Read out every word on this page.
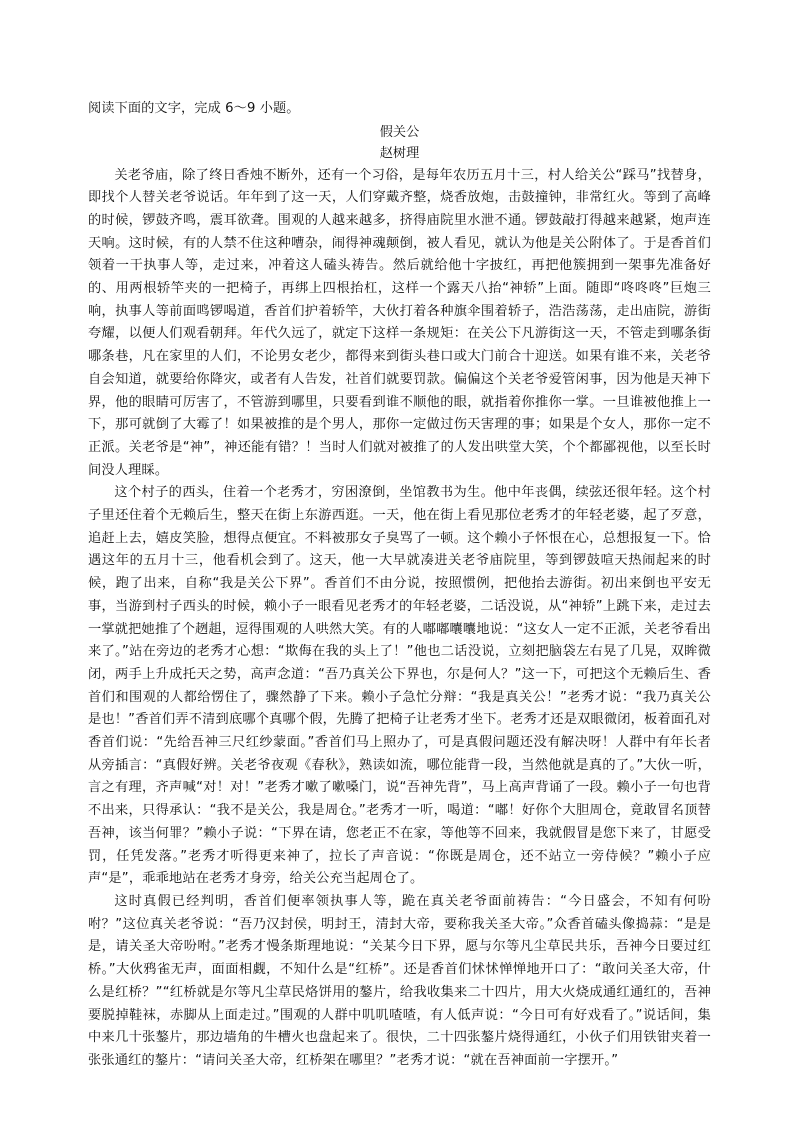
阅读下面的文字，完成 6～9 小题。

假关公

赵树理

关老爷庙，除了终日香烛不断外，还有一个习俗，是每年农历五月十三，村人给关公“踩马”找替身，即找个人替关老爷说话。年年到了这一天，人们穿戴齐整，烧香放炮，击鼓撞钟，非常红火。等到了高峰的时候，锣鼓齐鸣，震耳欲聋。围观的人越来越多，挤得庙院里水泄不通。锣鼓敲打得越来越紧，炮声连天响。这时候，有的人禁不住这种嘈杂，闹得神魂颠倒，被人看见，就认为他是关公附体了。于是香首们领着一干执事人等，走过来，冲着这人磕头祷告。然后就给他十字披红，再把他簇拥到一架事先准备好的、用两根轿竿夹的一把椅子，再绑上四根抬杠，这样一个露天八抬“神轿”上面。随即“咚咚咚”巨炮三响，执事人等前面鸣锣喝道，香首们护着轿竿，大伙打着各种旗伞围着轿子，浩浩荡荡，走出庙院，游街夸耀，以便人们观看朝拜。年代久远了，就定下这样一条规矩：在关公下凡游街这一天，不管走到哪条街哪条巷，凡在家里的人们，不论男女老少，都得来到街头巷口或大门前合十迎送。如果有谁不来，关老爷自会知道，就要给你降灾，或者有人告发，社首们就要罚款。偏偏这个关老爷爱管闲事，因为他是天神下界，他的眼睛可厉害了，不管游到哪里，只要看到谁不顺他的眼，就指着你推你一掌。一旦谁被他推上一下，那可就倒了大霉了！如果被推的是个男人，那你一定做过伤天害理的事；如果是个女人，那你一定不正派。关老爷是“神”，神还能有错？！当时人们就对被推了的人发出哄堂大笑，个个都鄙视他，以至长时间没人理睬。

这个村子的西头，住着一个老秀才，穷困潦倒，坐馆教书为生。他中年丧偶，续弦还很年轻。这个村子里还住着个无赖后生，整天在街上东游西逛。一天，他在街上看见那位老秀才的年轻老婆，起了歹意，追赶上去，嬉皮笑脸，想得点便宜。不料被那女子臭骂了一顿。这个赖小子怀恨在心，总想报复一下。恰遇这年的五月十三，他看机会到了。这天，他一大早就凑进关老爷庙院里，等到锣鼓喧天热闹起来的时候，跑了出来，自称“我是关公下界”。香首们不由分说，按照惯例，把他抬去游街。初出来倒也平安无事，当游到村子西头的时候，赖小子一眼看见老秀才的年轻老婆，二话没说，从“神轿”上跳下来，走过去一掌就把她推了个趔趄，逗得围观的人哄然大笑。有的人嘟嘟囔囔地说：“这女人一定不正派，关老爷看出来了。”站在旁边的老秀才心想：“欺侮在我的头上了！”他也二话没说，立刻把脑袋左右晃了几晃，双眸微闭，两手上升成托天之势，高声念道：“吾乃真关公下界也，尔是何人？”这一下，可把这个无赖后生、香首们和围观的人都给愣住了，骤然静了下来。赖小子急忙分辩：“我是真关公！”老秀才说：“我乃真关公是也！”香首们弄不清到底哪个真哪个假，先腾了把椅子让老秀才坐下。老秀才还是双眼微闭，板着面孔对香首们说：“先给吾神三尺红纱蒙面。”香首们马上照办了，可是真假问题还没有解决呀！人群中有年长者从旁插言：“真假好辨。关老爷夜观《春秋》，熟读如流，哪位能背一段，当然他就是真的了。”大伙一听，言之有理，齐声喊“对！对！”老秀才嗽了嗽嗓门，说“吾神先背”，马上高声背诵了一段。赖小子一句也背不出来，只得承认：“我不是关公，我是周仓。”老秀才一听，喝道：“嘟！好你个大胆周仓，竟敢冒名顶替吾神，该当何罪？”赖小子说：“下界在请，您老正不在家，等他等不回来，我就假冒是您下来了，甘愿受罚，任凭发落。”老秀才听得更来神了，拉长了声音说：“你既是周仓，还不站立一旁侍候？”赖小子应声“是”，乖乖地站在老秀才身旁，给关公充当起周仓了。

这时真假已经判明，香首们便率领执事人等，跪在真关老爷面前祷告：“今日盛会，不知有何吩咐？”这位真关老爷说：“吾乃汉封侯，明封王，清封大帝，要称我关圣大帝。”众香首磕头像捣蒜：“是是是，请关圣大帝吩咐。”老秀才慢条斯理地说：“关某今日下界，愿与尔等凡尘草民共乐，吾神今日要过红桥。”大伙鸦雀无声，面面相觑，不知什么是“红桥”。还是香首们怵怵惮惮地开口了：“敢问关圣大帝，什么是红桥？”“红桥就是尔等凡尘草民烙饼用的鏊片，给我收集来二十四片，用大火烧成通红通红的，吾神要脱掉鞋袜，赤脚从上面走过。”围观的人群中叽叽喳喳，有人低声说：“今日可有好戏看了。”说话间，集中来几十张鏊片，那边墙角的牛槽火也盘起来了。很快，二十四张鏊片烧得通红，小伙子们用铁钳夹着一张张通红的鏊片：“请问关圣大帝，红桥架在哪里？”老秀才说：“就在吾神面前一字摆开。”
